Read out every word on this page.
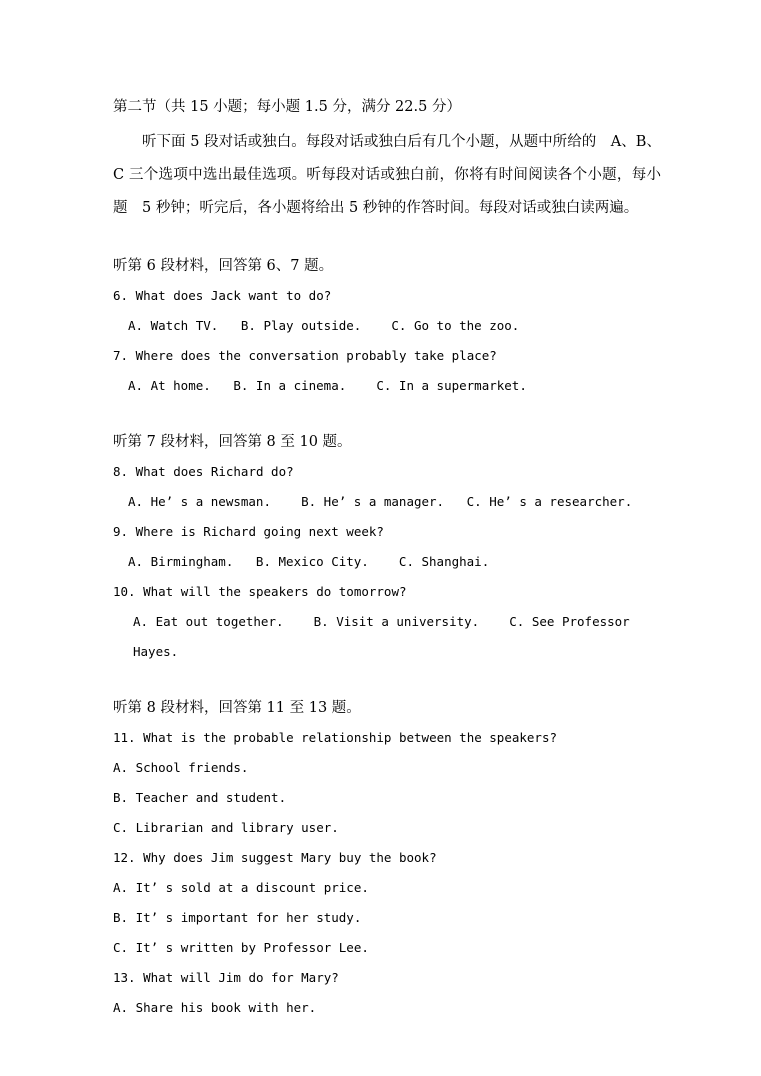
第二节（共 15 小题；每小题 1.5 分，满分 22.5 分）

听下面 5 段对话或独白。每段对话或独白后有几个小题，从题中所给的　A、B、C 三个选项中选出最佳选项。听每段对话或独白前，你将有时间阅读各个小题，每小题　5 秒钟；听完后，各小题将给出 5 秒钟的作答时间。每段对话或独白读两遍。

听第 6 段材料，回答第 6、7 题。
6. What does Jack want to do?
A. Watch TV.   B. Play outside.    C. Go to the zoo.
7. Where does the conversation probably take place?
A. At home.   B. In a cinema.    C. In a supermarket.
听第 7 段材料，回答第 8 至 10 题。
8. What does Richard do?
A. He’ s a newsman.    B. He’ s a manager.   C. He’ s a researcher.
9. Where is Richard going next week?
A. Birmingham.   B. Mexico City.    C. Shanghai.
10. What will the speakers do tomorrow?
A. Eat out together.    B. Visit a university.    C. See Professor Hayes.
听第 8 段材料，回答第 11 至 13 题。
11. What is the probable relationship between the speakers?
A. School friends.
B. Teacher and student.
C. Librarian and library user.
12. Why does Jim suggest Mary buy the book?
A. It’ s sold at a discount price.
B. It’ s important for her study.
C. It’ s written by Professor Lee.
13. What will Jim do for Mary?
A. Share his book with her.
